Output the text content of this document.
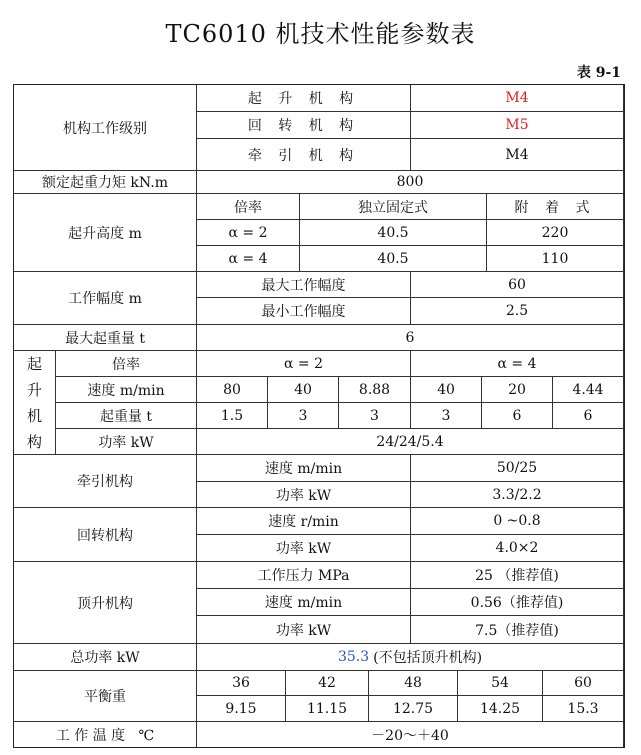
TC6010 机技术性能参数表
表 9-1
机构工作级别
起 升 机 构	M4
回 转 机 构	M5
牵 引 机 构	M4
额定起重力矩 kN.m	800
起升高度 m
倍率	独立固定式	附 着 式
α = 2	40.5	220
α = 4	40.5	110
工作幅度 m
最大工作幅度	60
最小工作幅度	2.5
最大起重量 t	6
起
升
机
构
倍率	α = 2	α = 4
速度 m/min	80	40	8.88	40	20	4.44
起重量 t	1.5	3	3	3	6	6
功率 kW	24/24/5.4
牵引机构
速度 m/min	50/25
功率 kW	3.3/2.2
回转机构
速度 r/min	0 ~0.8
功率 kW	4.0×2
顶升机构
工作压力 MPa	25 （推荐值)
速度 m/min	0.56（推荐值)
功率 kW	7.5（推荐值)
总功率 kW	35.3 (不包括顶升机构)
平衡重
36	42	48	54	60
9.15	11.15	12.75	14.25	15.3
工 作 温 度   ℃	－20～＋40
